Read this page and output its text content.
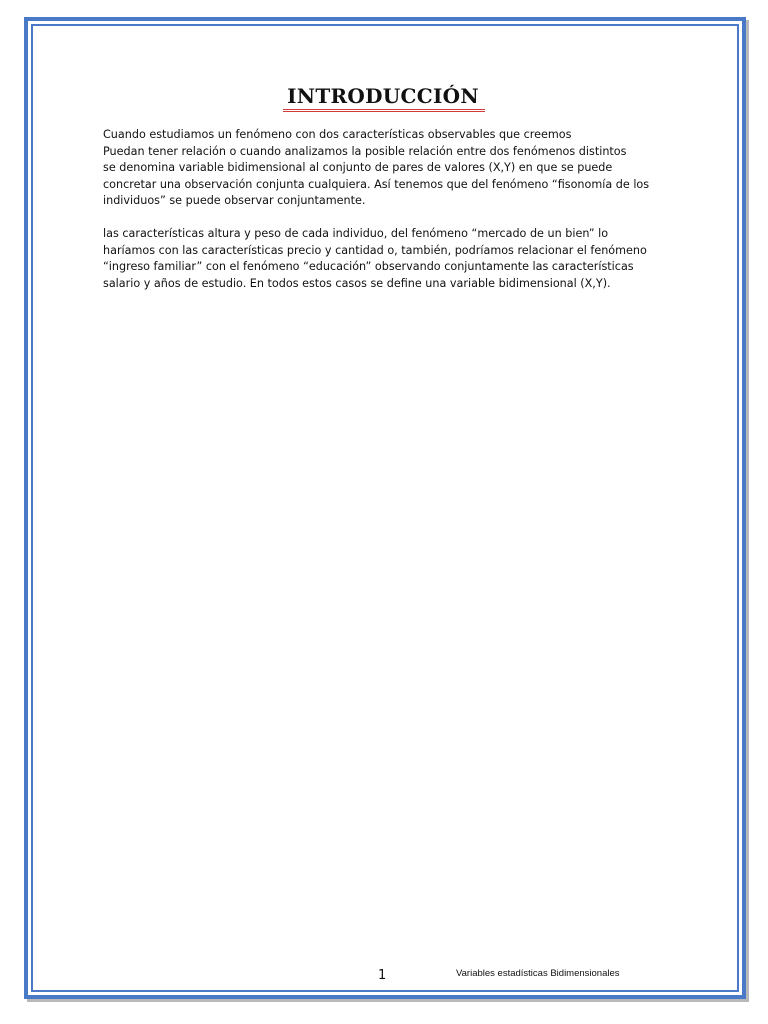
INTRODUCCIÓN
Cuando estudiamos un fenómeno con dos características observables que creemos
Puedan tener relación o cuando analizamos la posible relación entre dos fenómenos distintos
se denomina variable bidimensional al conjunto de pares de valores (X,Y) en que se puede
concretar una observación conjunta cualquiera. Así tenemos que del fenómeno “fisonomía de los
individuos” se puede observar conjuntamente.
las características altura y peso de cada individuo, del fenómeno “mercado de un bien” lo
haríamos con las características precio y cantidad o, también, podríamos relacionar el fenómeno
“ingreso familiar” con el fenómeno “educación” observando conjuntamente las características
salario y años de estudio. En todos estos casos se define una variable bidimensional (X,Y).
1	Variables estadísticas Bidimensionales
